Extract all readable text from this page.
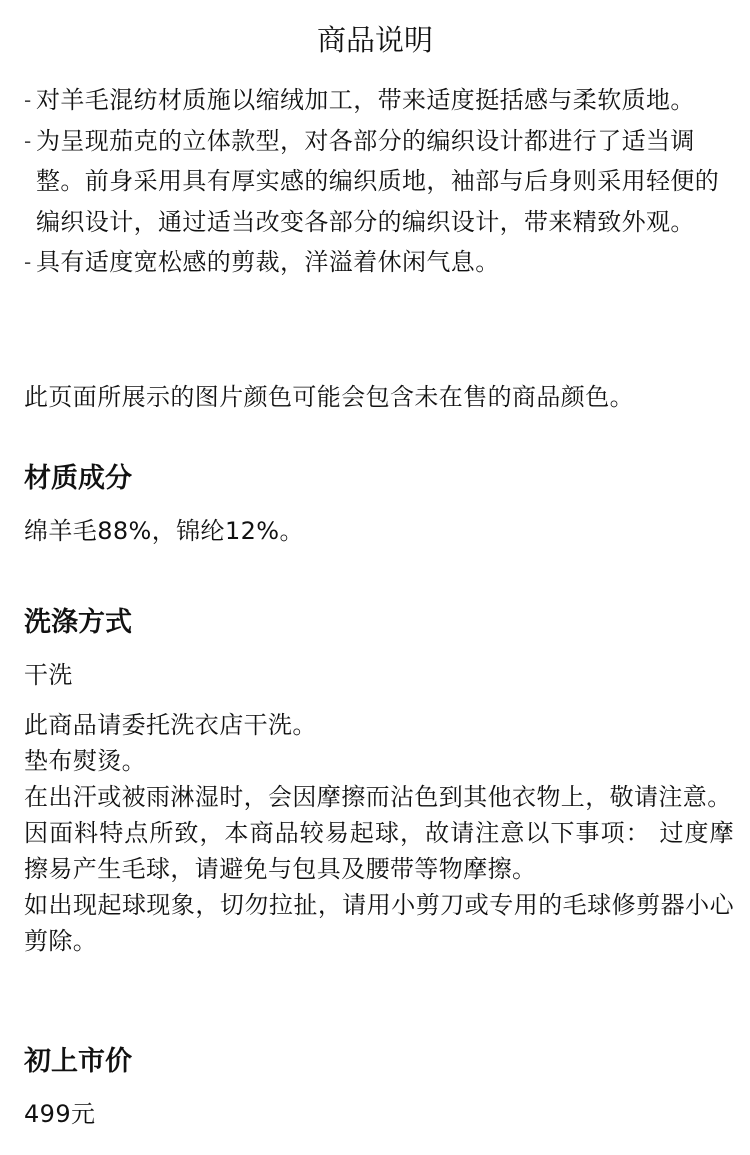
商品说明
- 对羊毛混纺材质施以缩绒加工，带来适度挺括感与柔软质地。
- 为呈现茄克的立体款型，对各部分的编织设计都进行了适当调整。前身采用具有厚实感的编织质地，袖部与后身则采用轻便的编织设计，通过适当改变各部分的编织设计，带来精致外观。
- 具有适度宽松感的剪裁，洋溢着休闲气息。

此页面所展示的图片颜色可能会包含未在售的商品颜色。

材质成分

绵羊毛88%，锦纶12%。

洗涤方式

干洗

此商品请委托洗衣店干洗。
垫布熨烫。
在出汗或被雨淋湿时，会因摩擦而沾色到其他衣物上，敬请注意。
因面料特点所致，本商品较易起球，故请注意以下事项： 过度摩擦易产生毛球，请避免与包具及腰带等物摩擦。
如出现起球现象，切勿拉扯，请用小剪刀或专用的毛球修剪器小心剪除。
初上市价

499元
